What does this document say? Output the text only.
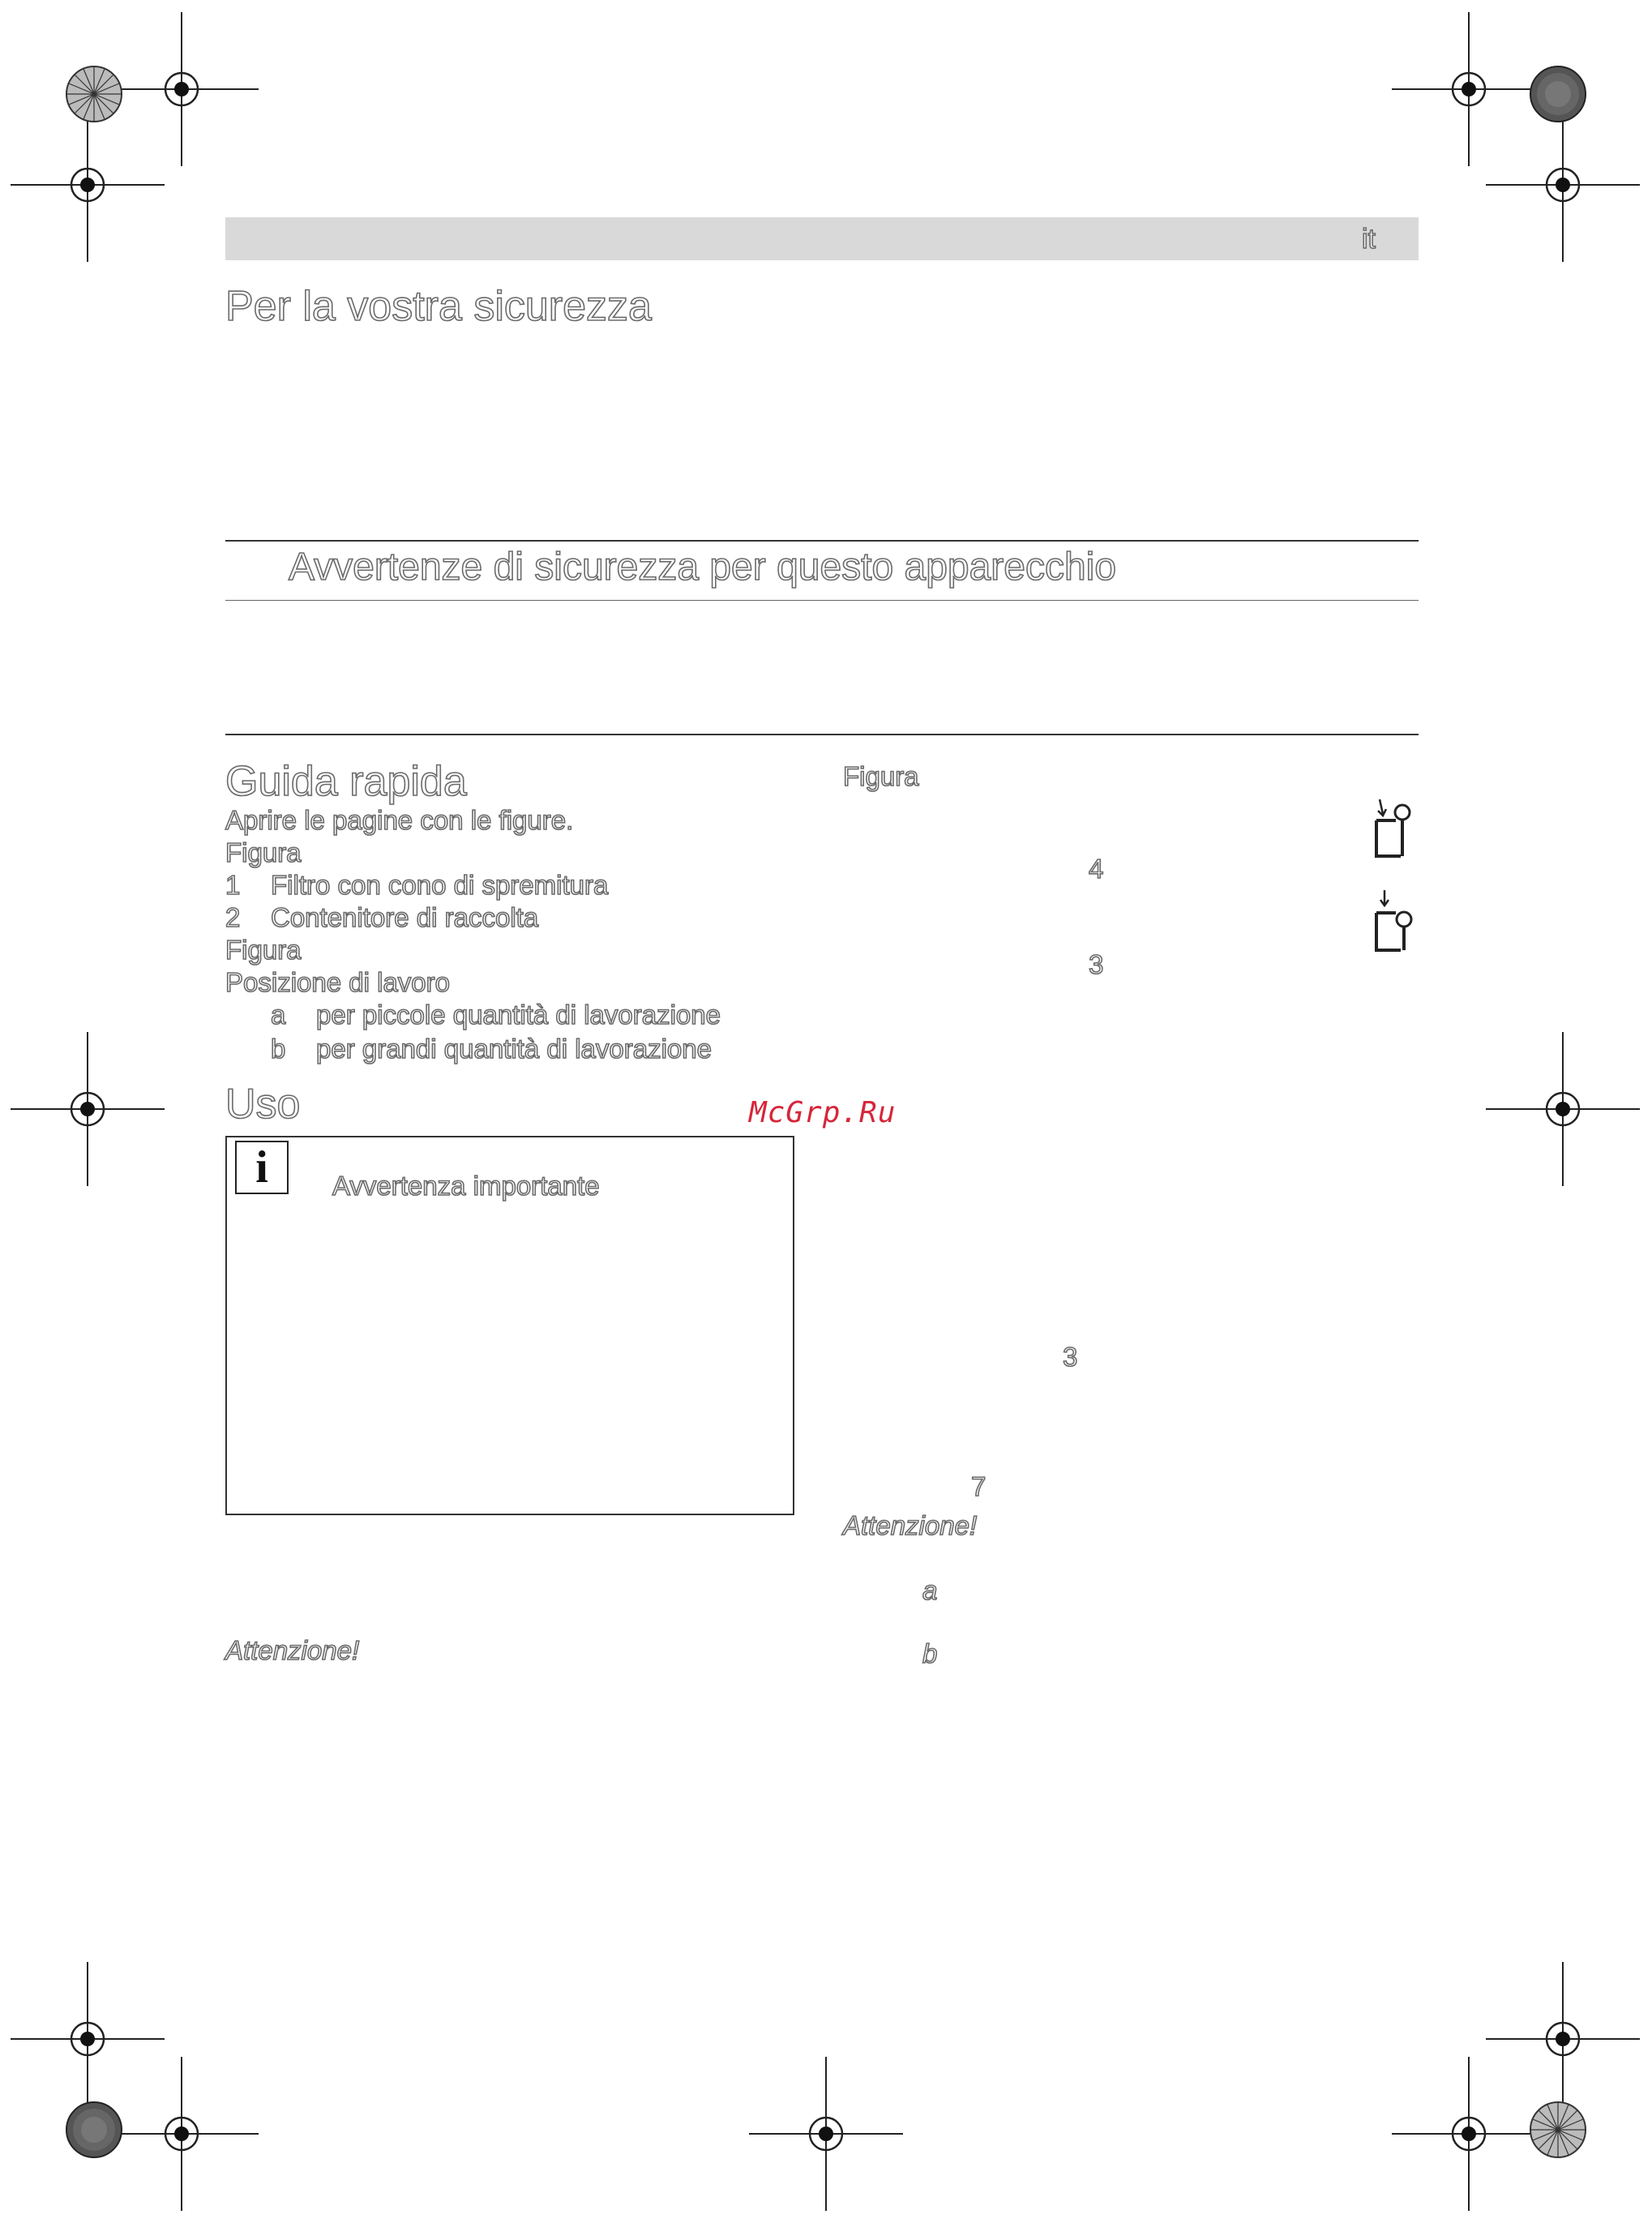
it
Per la vostra sicurezza
Avvertenze di sicurezza per questo apparecchio
Guida rapida
Aprire le pagine con le figure.
Figura
1 Filtro con cono di spremitura
2 Contenitore di raccolta
Figura
Posizione di lavoro
a per piccole quantità di lavorazione
b per grandi quantità di lavorazione
Uso
i	Avvertenza importante
Attenzione!
McGrp.Ru
Figura
4
3
3
7
Attenzione!
a
b
